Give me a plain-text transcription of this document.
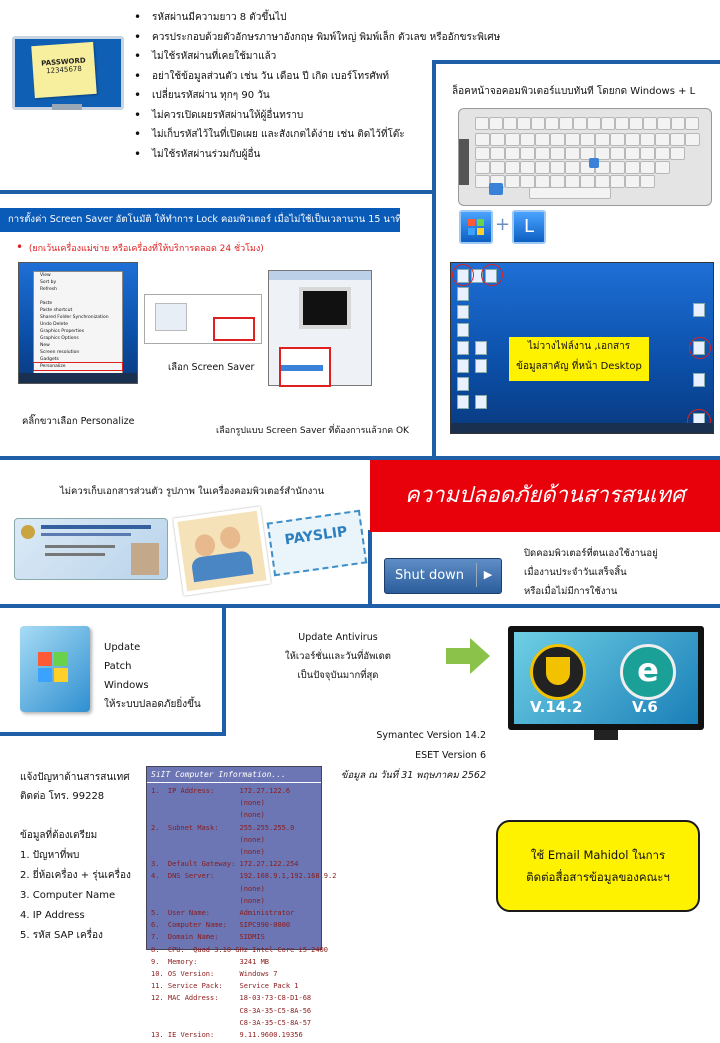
PASSWORD
12345678
• รหัสผ่านมีความยาว 8 ตัวขึ้นไป
• ควรประกอบด้วยตัวอักษรภาษาอังกฤษ พิมพ์ใหญ่ พิมพ์เล็ก ตัวเลข หรืออักขระพิเศษ
• ไม่ใช้รหัสผ่านที่เคยใช้มาแล้ว
• อย่าใช้ข้อมูลส่วนตัว เช่น วัน เดือน ปี เกิด เบอร์โทรศัพท์
• เปลี่ยนรหัสผ่าน ทุกๆ 90 วัน
• ไม่ควรเปิดเผยรหัสผ่านให้ผู้อื่นทราบ
• ไม่เก็บรหัสไว้ในที่เปิดเผย และสังเกตได้ง่าย เช่น ติดไว้ที่โต๊ะ
• ไม่ใช้รหัสผ่านร่วมกับผู้อื่น
ล็อคหน้าจอคอมพิวเตอร์แบบทันที โดยกด Windows + L
+ L
ไม่วางไฟล์งาน ,เอกสาร
ข้อมูลสาคัญ ที่หน้า Desktop
การตั้งค่า Screen Saver อัตโนมัติ ให้ทำการ Lock คอมพิวเตอร์ เมื่อไม่ใช้เป็นเวลานาน 15 นาที
• (ยกเว้นเครื่องแม่ข่าย หรือเครื่องที่ให้บริการตลอด 24 ชั่วโมง)
View
Sort by
Refresh
Paste
Paste shortcut
Shared Folder Synchronization
Undo Delete
Graphics Properties
Graphics Options
New
Screen resolution
Gadgets
Personalize
คลิ๊กขวาเลือก Personalize
เลือก Screen Saver
เลือกรูปแบบ Screen Saver ที่ต้องการแล้วกด OK
ไม่ควรเก็บเอกสารส่วนตัว รูปภาพ ในเครื่องคอมพิวเตอร์สำนักงาน
PAYSLIP
ความปลอดภัยด้านสารสนเทศ
Shut down	▶
ปิดคอมพิวเตอร์ที่ตนเองใช้งานอยู่
เมื่องานประจำวันเสร็จสิ้น
หรือเมื่อไม่มีการใช้งาน
Update
Patch
Windows
ให้ระบบปลอดภัยยิ่งขึ้น
Update Antivirus
ให้เวอร์ชั่นและวันที่อัพเดต
เป็นปัจจุบันมากที่สุด	e
V.14.2	V.6
Symantec Version 14.2
ESET Version 6
ข้อมูล ณ วันที่ 31 พฤษภาคม 2562
แจ้งปัญหาด้านสารสนเทศ
ติดต่อ โทร. 99228
ข้อมูลที่ต้องเตรียม
1. ปัญหาที่พบ
2. ยี่ห้อเครื่อง + รุ่นเครื่อง
3. Computer Name
4. IP Address
5. รหัส SAP เครื่อง
SiIT Computer Information...
1.  IP Address:      172.27.122.6
(none)
(none)
2.  Subnet Mask:     255.255.255.0
(none)
(none)
3.  Default Gateway: 172.27.122.254
4.  DNS Server:      192.168.9.1,192.168.9.2
(none)
(none)
5.  User Name:       Administrator
6.  Computer Name:   SIPC990-0000
7.  Domain Name:     SIDMIS
8.  CPU:  Quad 3.10 GHz Intel Core i5-2400
9.  Memory:          3241 MB
10. OS Version:      Windows 7
11. Service Pack:    Service Pack 1
12. MAC Address:     18-03-73-C8-D1-68
C8-3A-35-C5-8A-56
C8-3A-35-C5-8A-57
13. IE Version:      9.11.9600.19356
ใช้ Email Mahidol ในการ
ติดต่อสื่อสารข้อมูลของคณะฯ
